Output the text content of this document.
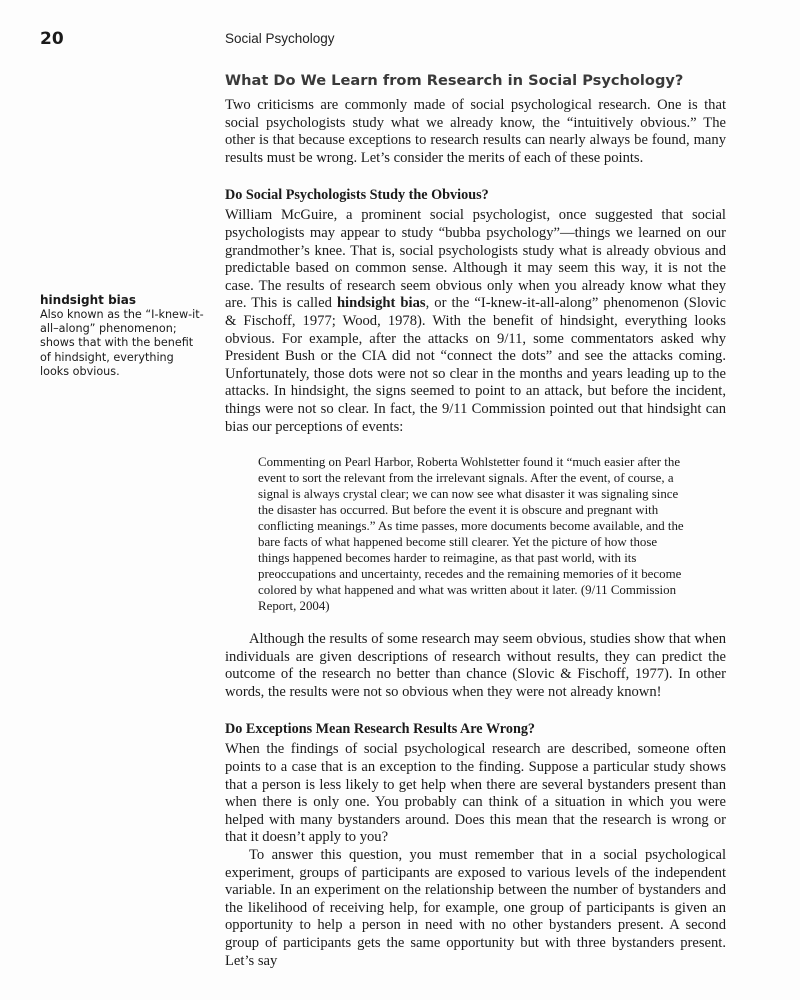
20	Social Psychology
hindsight bias
Also known as the “I-knew-it-all–along” phenomenon; shows that with the benefit of hindsight, everything looks obvious.
What Do We Learn from Research in Social Psychology?

Two criticisms are commonly made of social psychological research. One is that social psychologists study what we already know, the “intuitively obvious.” The other is that because exceptions to research results can nearly always be found, many results must be wrong. Let’s consider the merits of each of these points.

Do Social Psychologists Study the Obvious?

William McGuire, a prominent social psychologist, once suggested that social psychologists may appear to study “bubba psychology”—things we learned on our grandmother’s knee. That is, social psychologists study what is already obvious and predictable based on common sense. Although it may seem this way, it is not the case. The results of research seem obvious only when you already know what they are. This is called hindsight bias, or the “I-knew-it-all-along” phenomenon (Slovic & Fischoff, 1977; Wood, 1978). With the benefit of hindsight, everything looks obvious. For example, after the attacks on 9/11, some commentators asked why President Bush or the CIA did not “connect the dots” and see the attacks coming. Unfortunately, those dots were not so clear in the months and years leading up to the attacks. In hindsight, the signs seemed to point to an attack, but before the incident, things were not so clear. In fact, the 9/11 Commission pointed out that hindsight can bias our perceptions of events:

Commenting on Pearl Harbor, Roberta Wohlstetter found it “much easier after the event to sort the relevant from the irrelevant signals. After the event, of course, a signal is always crystal clear; we can now see what disaster it was signaling since the disaster has occurred. But before the event it is obscure and pregnant with conflicting meanings.” As time passes, more documents become available, and the bare facts of what happened become still clearer. Yet the picture of how those things happened becomes harder to reimagine, as that past world, with its preoccupations and uncertainty, recedes and the remaining memories of it become colored by what happened and what was written about it later. (9/11 Commission Report, 2004)

Although the results of some research may seem obvious, studies show that when individuals are given descriptions of research without results, they can predict the outcome of the research no better than chance (Slovic & Fischoff, 1977). In other words, the results were not so obvious when they were not already known!

Do Exceptions Mean Research Results Are Wrong?

When the findings of social psychological research are described, someone often points to a case that is an exception to the finding. Suppose a particular study shows that a person is less likely to get help when there are several bystanders present than when there is only one. You probably can think of a situation in which you were helped with many bystanders around. Does this mean that the research is wrong or that it doesn’t apply to you?

To answer this question, you must remember that in a social psychological experiment, groups of participants are exposed to various levels of the independent variable. In an experiment on the relationship between the number of bystanders and the likelihood of receiving help, for example, one group of participants is given an opportunity to help a person in need with no other bystanders present. A second group of participants gets the same opportunity but with three bystanders present. Let’s say
